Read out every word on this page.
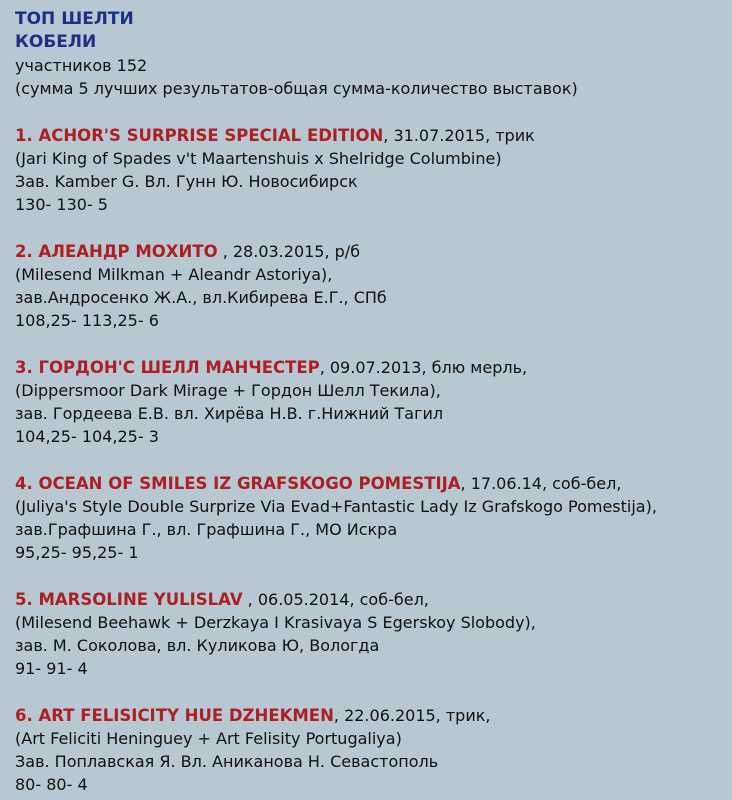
ТОП ШЕЛТИ
КОБЕЛИ

участников 152

(сумма 5 лучших результатов-общая сумма-количество выставок)

1. ACHOR'S SURPRISE SPECIAL EDITION, 31.07.2015, трик

(Jari King of Spades v't Maartenshuis x Shelridge Columbine)

Зав. Kamber G. Вл. Гунн Ю. Новосибирск

130- 130- 5

2. АЛЕАНДР МОХИТО , 28.03.2015, р/б

(Milesend Milkman + Aleandr Astoriya),

зав.Андросенко Ж.А., вл.Кибирева Е.Г., СПб

108,25- 113,25- 6

3. ГОРДОН'С ШЕЛЛ МАНЧЕСТЕР, 09.07.2013, блю мерль,

(Dippersmoor Dark Mirage + Гордон Шелл Текила),

зав. Гордеева Е.В. вл. Хирёва Н.В. г.Нижний Тагил

104,25- 104,25- 3

4. OCEAN OF SMILES IZ GRAFSKOGO POMESTIJA, 17.06.14, соб-бел,

(Juliya's Style Double Surprize Via Evad+Fantastic Lady Iz Grafskogo Pomestija),

зав.Графшина Г., вл. Графшина Г., МО Искра

95,25- 95,25- 1

5. MARSOLINE YULISLAV , 06.05.2014, соб-бел,

(Milesend Beehawk + Derzkaya I Krasivaya S Egerskoy Slobody),

зав. М. Соколова, вл. Куликова Ю, Вологда

91- 91- 4

6. ART FELISICITY HUE DZHEKMEN, 22.06.2015, трик,

(Art Feliciti Heninguey + Art Felisity Portugaliya)

Зав. Поплавская Я. Вл. Аниканова Н. Севастополь

80- 80- 4
